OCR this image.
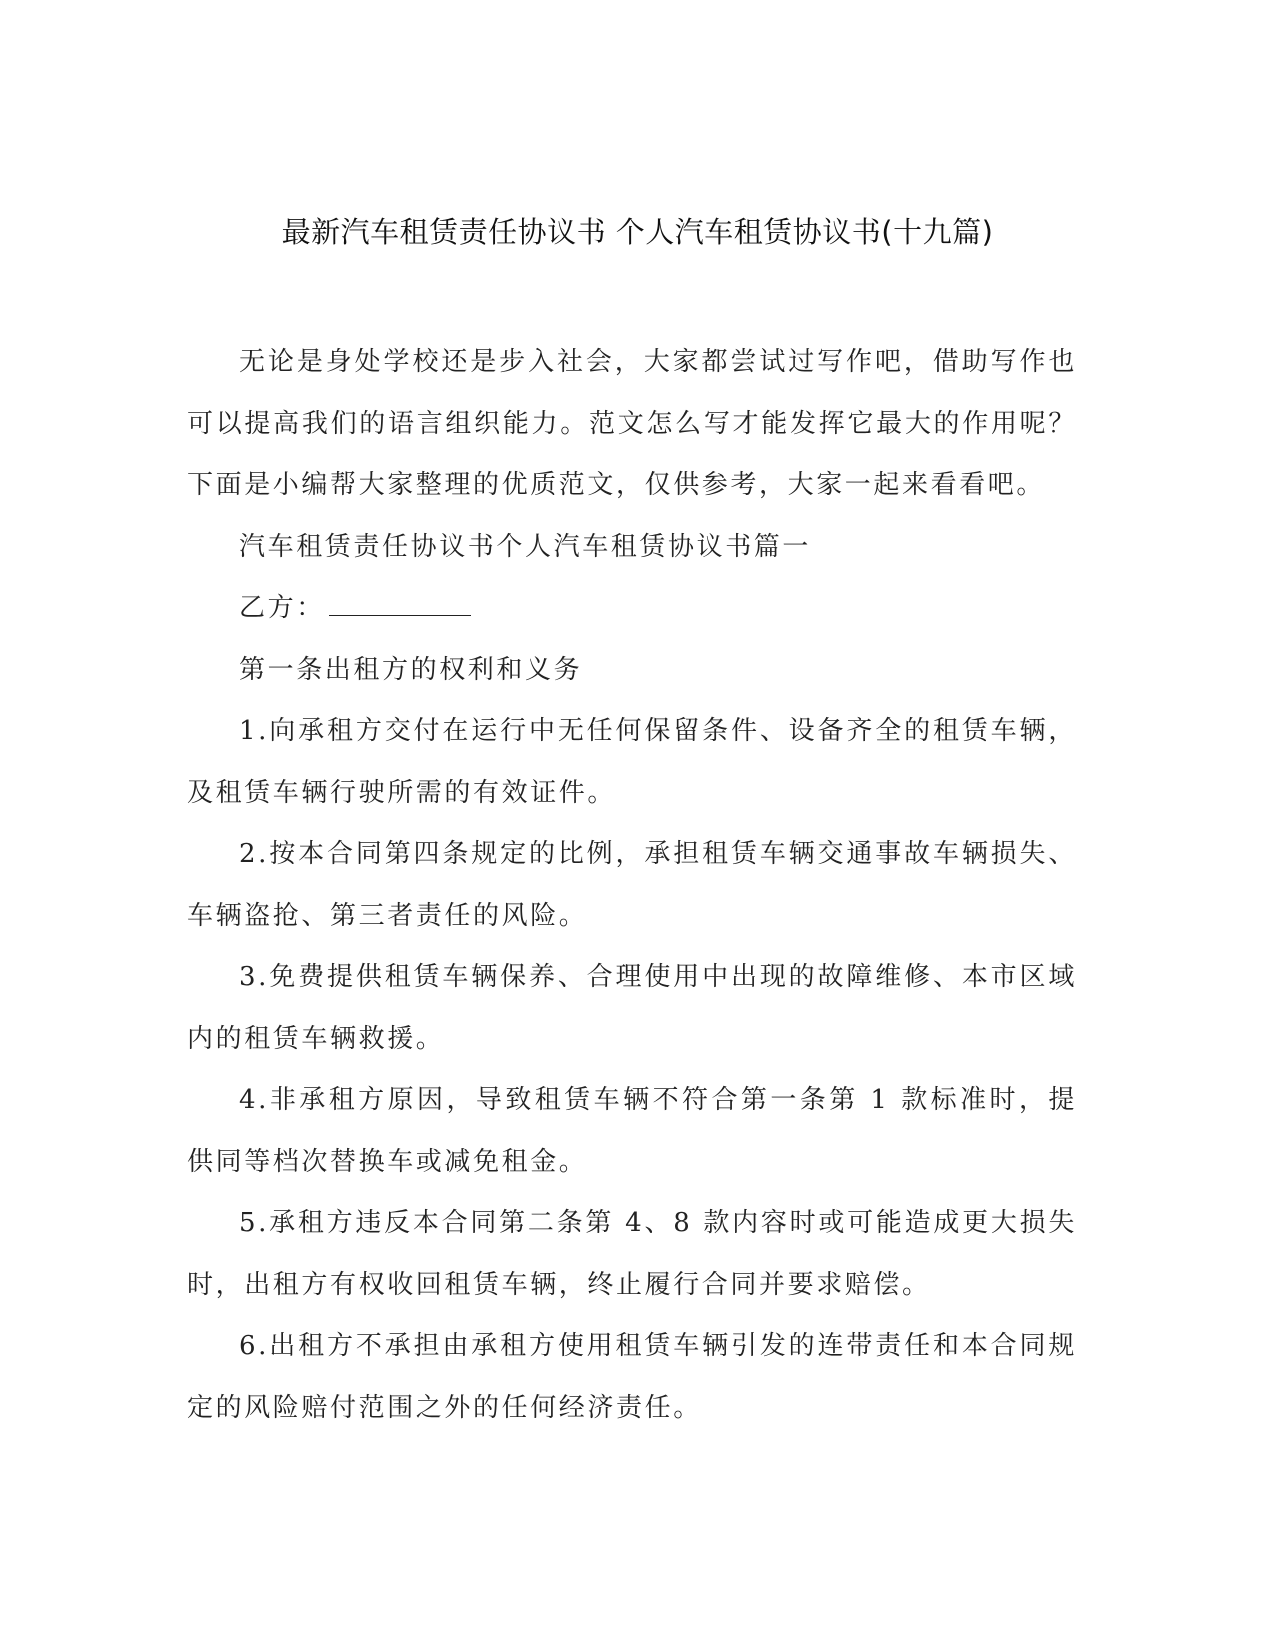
最新汽车租赁责任协议书 个人汽车租赁协议书(十九篇)

无论是身处学校还是步入社会，大家都尝试过写作吧，借助写作也可以提高我们的语言组织能力。范文怎么写才能发挥它最大的作用呢？下面是小编帮大家整理的优质范文，仅供参考，大家一起来看看吧。

汽车租赁责任协议书个人汽车租赁协议书篇一

乙方：

第一条出租方的权利和义务

1.向承租方交付在运行中无任何保留条件、设备齐全的租赁车辆，及租赁车辆行驶所需的有效证件。

2.按本合同第四条规定的比例，承担租赁车辆交通事故车辆损失、车辆盗抢、第三者责任的风险。

3.免费提供租赁车辆保养、合理使用中出现的故障维修、本市区域内的租赁车辆救援。

4.非承租方原因，导致租赁车辆不符合第一条第 1 款标准时，提供同等档次替换车或减免租金。

5.承租方违反本合同第二条第 4、8 款内容时或可能造成更大损失时，出租方有权收回租赁车辆，终止履行合同并要求赔偿。

6.出租方不承担由承租方使用租赁车辆引发的连带责任和本合同规定的风险赔付范围之外的任何经济责任。
